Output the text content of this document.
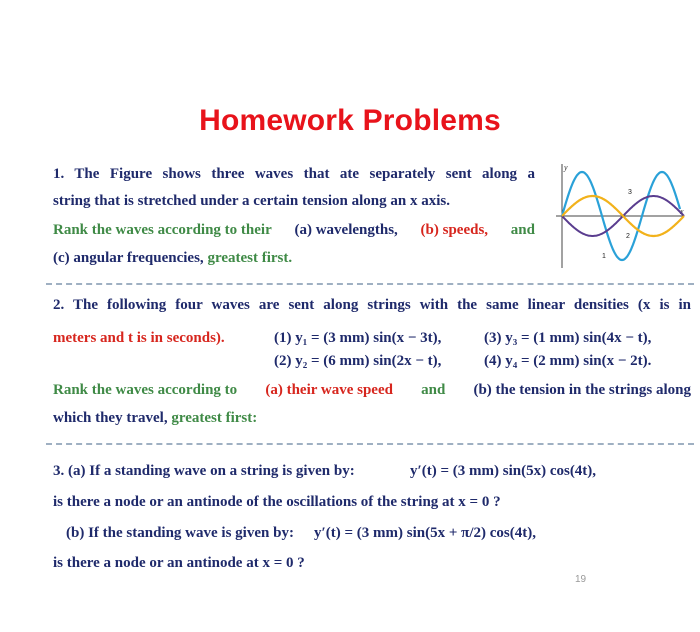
Homework Problems
1. The Figure shows three waves that ate separately sent along a
string that is stretched under a certain tension along an x axis.
Rank the waves according to their (a) wavelengths, (b) speeds, and
(c) angular frequencies, greatest first.
y
x
1
2
3
2. The following four waves are sent along strings with the same linear densities (x is in
meters and t is in seconds).	(1) y₁ = (3 mm) sin(x − 3t),	(3) y₃ = (1 mm) sin(4x − t),
(2) y₂ = (6 mm) sin(2x − t),	(4) y₄ = (2 mm) sin(x − 2t).
Rank the waves according to (a) their wave speed and (b) the tension in the strings along
which they travel, greatest first:
3. (a) If a standing wave on a string is given by:	y′(t) = (3 mm) sin(5x) cos(4t),
is there a node or an antinode of the oscillations of the string at x = 0 ?
(b) If the standing wave is given by: y′(t) = (3 mm) sin(5x + π/2) cos(4t),
is there a node or an antinode at x = 0 ?
19
